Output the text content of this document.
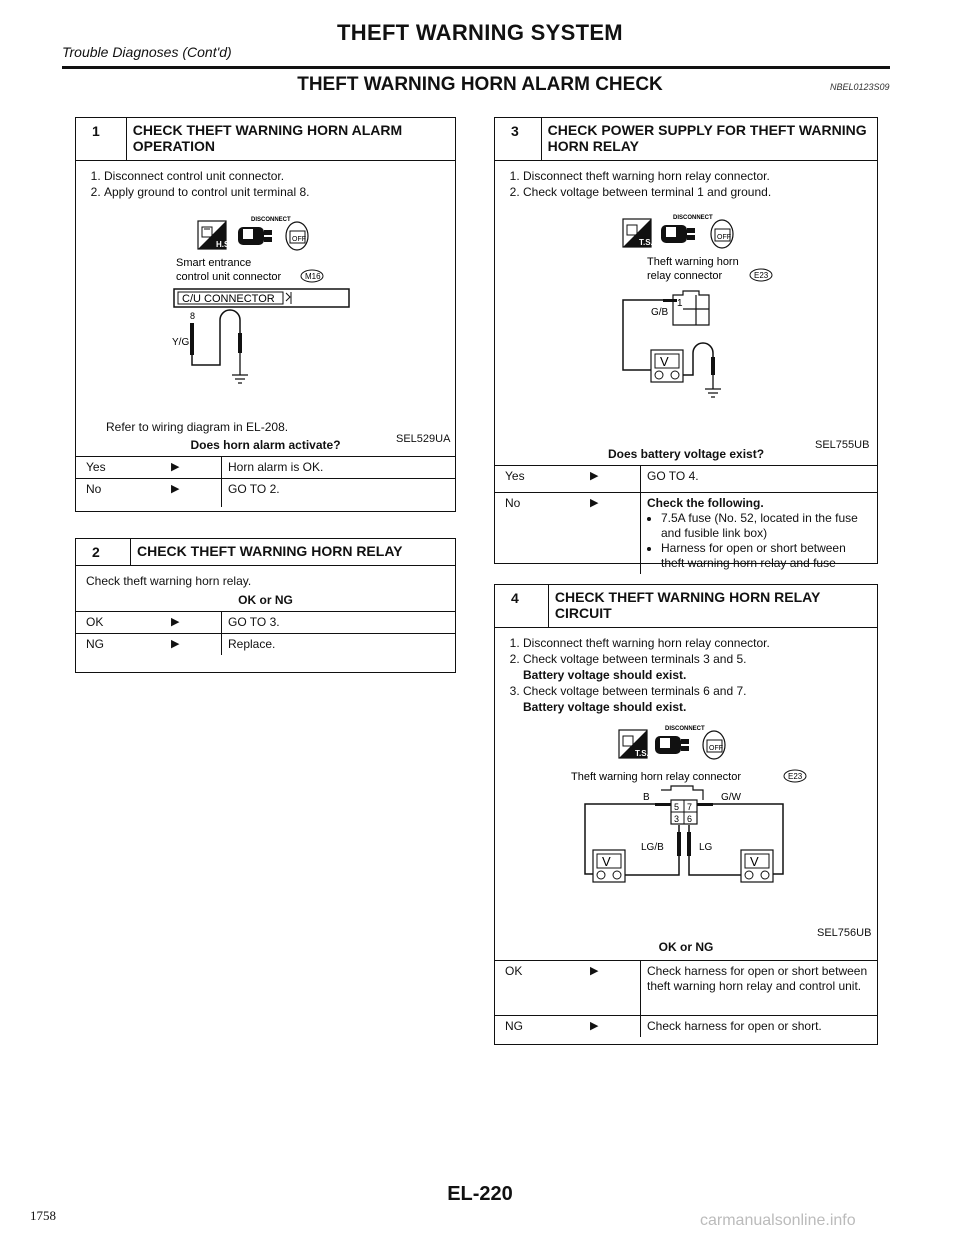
THEFT WARNING SYSTEM
Trouble Diagnoses (Cont'd)
THEFT WARNING HORN ALARM CHECK	NBEL0123S09
1	CHECK THEFT WARNING HORN ALARM OPERATION
1. Disconnect control unit connector.
2. Apply ground to control unit terminal 8.
H.S.
DISCONNECT
OFF
Smart entrance
control unit connector	M16
C/U CONNECTOR
8
Y/G
SEL529UA
Refer to wiring diagram in EL-208.
Does horn alarm activate?
Yes	▶	Horn alarm is OK.
No	▶	GO TO 2.
2	CHECK THEFT WARNING HORN RELAY
Check theft warning horn relay.
OK or NG
OK	▶	GO TO 3.
NG	▶	Replace.
3	CHECK POWER SUPPLY FOR THEFT WARNING HORN RELAY
1. Disconnect theft warning horn relay connector.
2. Check voltage between terminal 1 and ground.
T.S.
DISCONNECT
OFF
Theft warning horn
relay connector	E23
1
G/B
V
SEL755UB
Does battery voltage exist?
Yes	▶	GO TO 4.
No	▶	Check the following.
• 7.5A fuse (No. 52, located in the fuse and fusible link box)
• Harness for open or short between theft warning horn relay and fuse
4	CHECK THEFT WARNING HORN RELAY CIRCUIT
1. Disconnect theft warning horn relay connector.
2. Check voltage between terminals 3 and 5.
Battery voltage should exist.
3. Check voltage between terminals 6 and 7.
Battery voltage should exist.
T.S.
DISCONNECT
OFF
Theft warning horn relay connector	E23
B	G/W
5 7
3 6
V
LG/B
V
LG
SEL756UB
OK or NG
OK	▶	Check harness for open or short between theft warning horn relay and control unit.
NG	▶	Check harness for open or short.
EL-220
1758	carmanualsonline.info
